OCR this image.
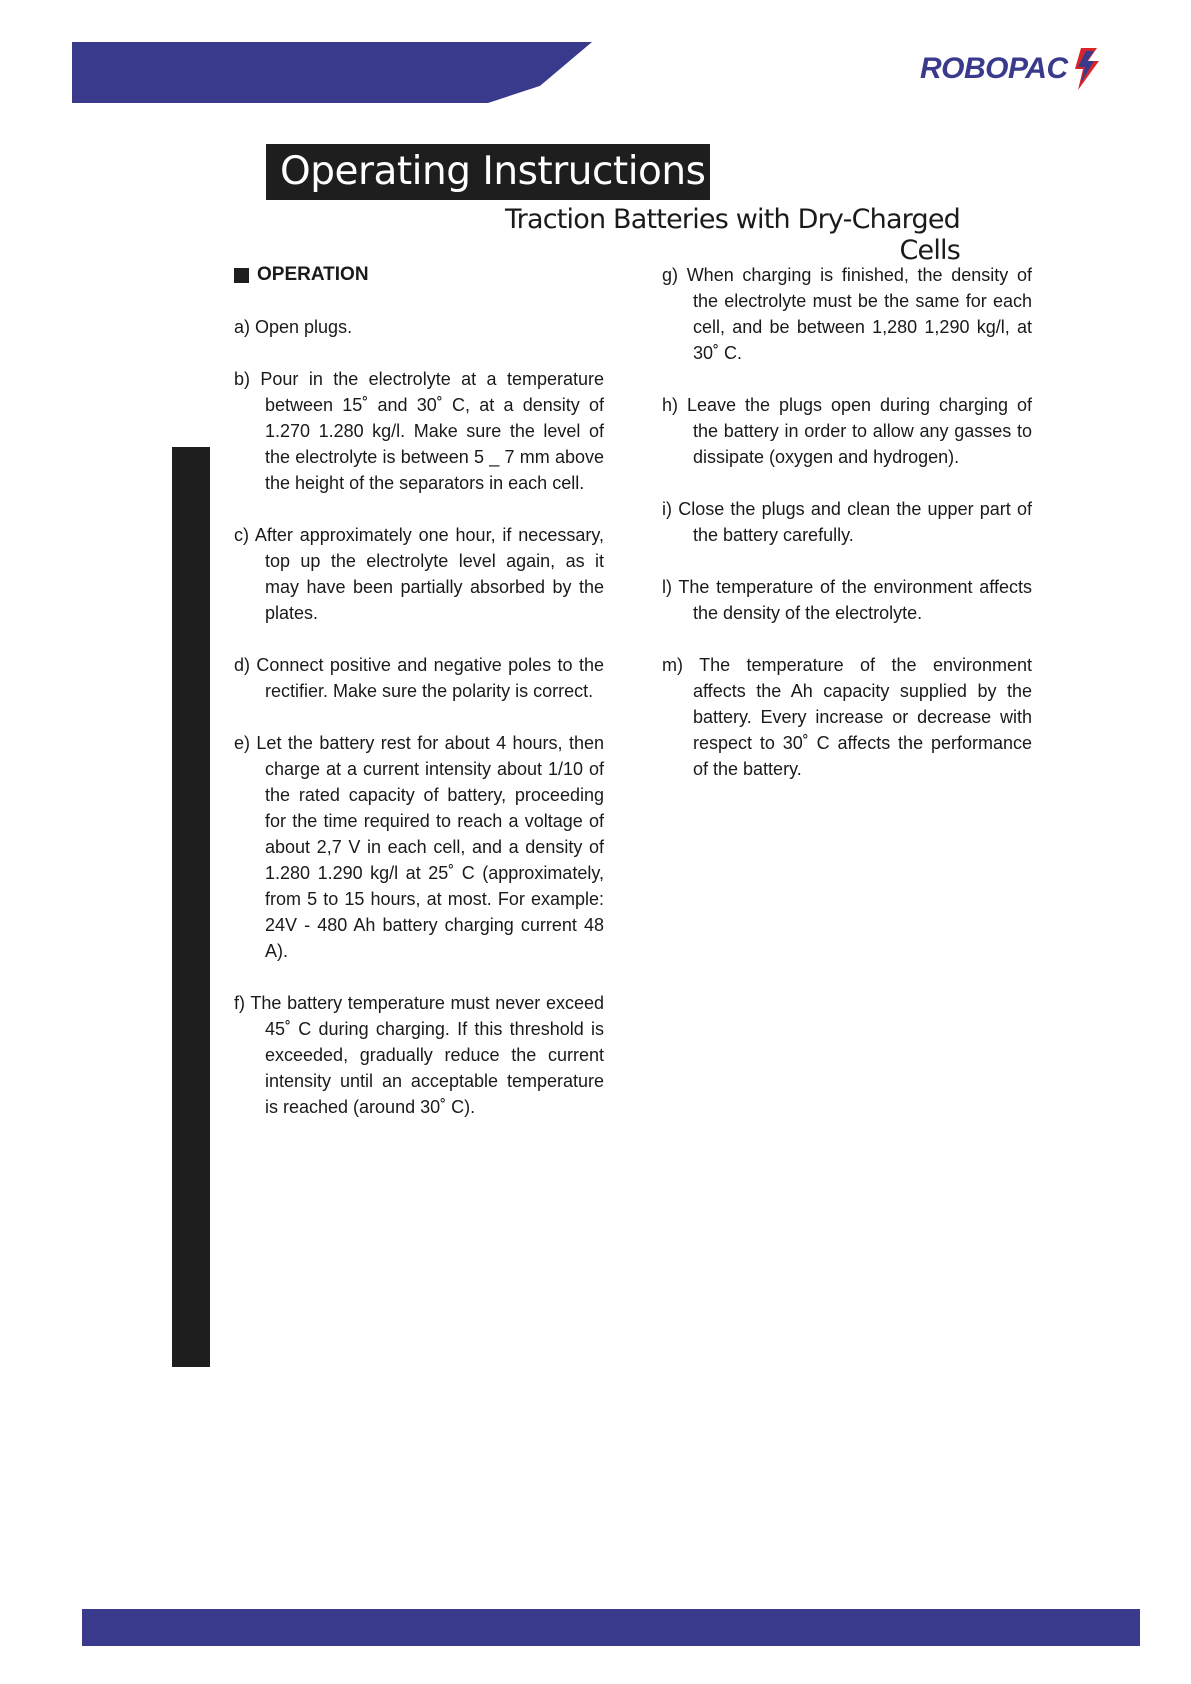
ROBOPAC
Operating Instructions
Traction Batteries with Dry-Charged Cells
OPERATION

a) Open plugs.

b) Pour in the electrolyte at a temperature between 15˚ and 30˚ C, at a density of 1.270 1.280 kg/l. Make sure the level of the electrolyte is between 5 _ 7 mm above the height of the separators in each cell.

c) After approximately one hour, if necessary, top up the electrolyte level again, as it may have been partially absorbed by the plates.

d) Connect positive and negative poles to the rectifier. Make sure the polarity is correct.

e) Let the battery rest for about 4 hours, then charge at a current intensity about 1/10 of the rated capacity of battery, proceeding for the time required to reach a voltage of about 2,7 V in each cell, and a density of 1.280 1.290 kg/l at 25˚ C (approximately, from 5 to 15 hours, at most. For example: 24V - 480 Ah battery charging current 48 A).

f) The battery temperature must never exceed 45˚ C during charging. If this threshold is exceeded, gradually reduce the current intensity until an acceptable temperature is reached (around 30˚ C).

g) When charging is finished, the density of the electrolyte must be the same for each cell, and be between 1,280 1,290 kg/l, at 30˚ C.

h) Leave the plugs open during charging of the battery in order to allow any gasses to dissipate (oxygen and hydrogen).

i) Close the plugs and clean the upper part of the battery carefully.

l) The temperature of the environment affects the density of the electrolyte.

m) The temperature of the environment affects the Ah capacity supplied by the battery. Every increase or decrease with respect to 30˚ C affects the performance of the battery.
